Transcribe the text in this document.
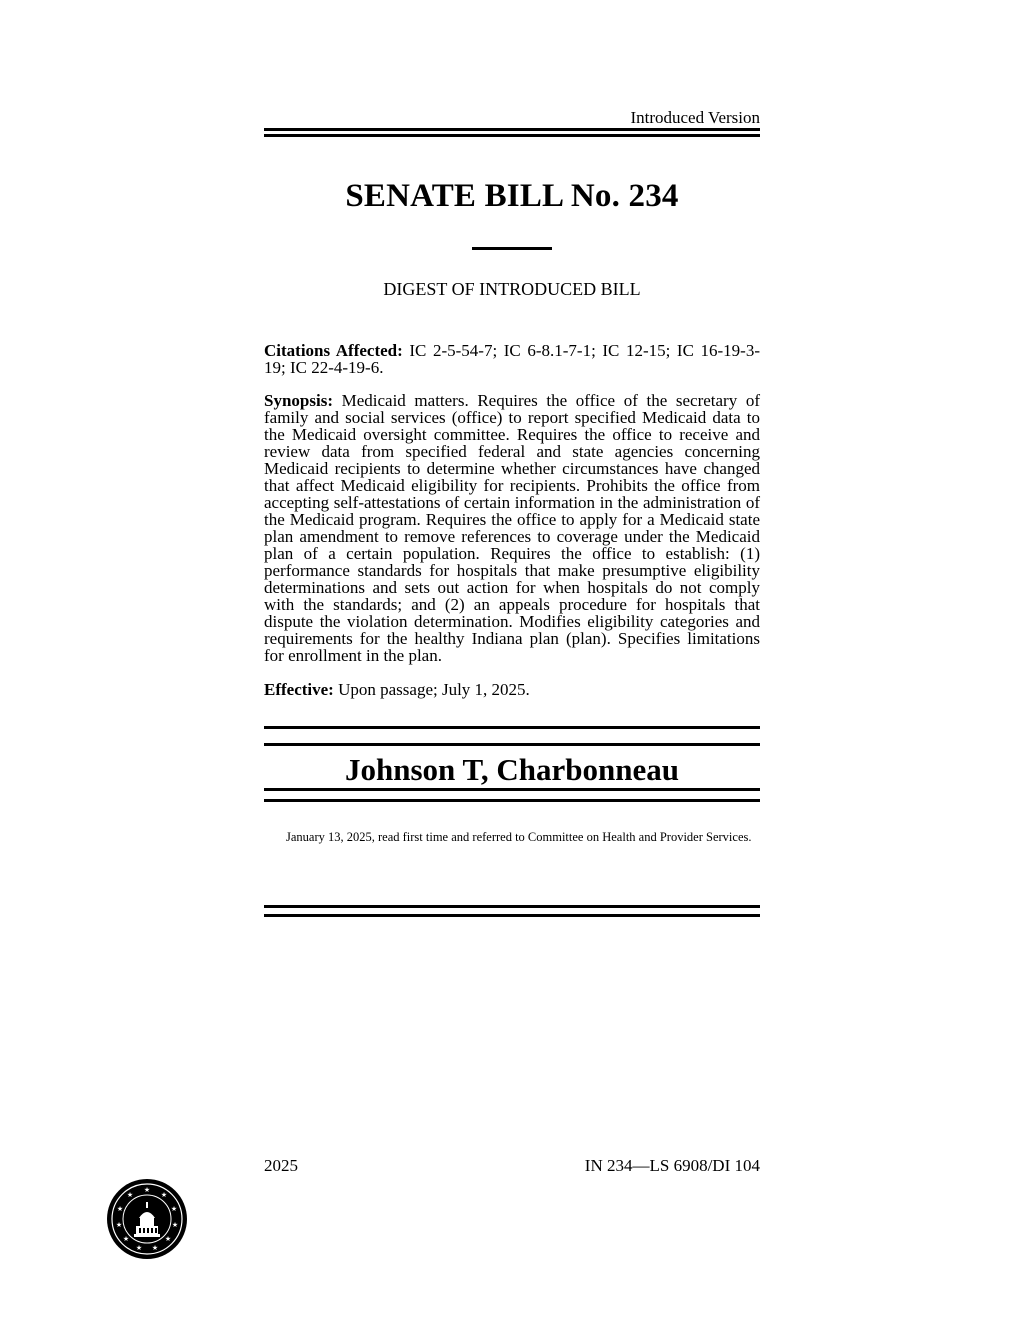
Introduced Version
SENATE BILL No. 234
DIGEST OF INTRODUCED BILL
Citations Affected: IC 2-5-54-7; IC 6-8.1-7-1; IC 12-15; IC 16-19-3-19; IC 22-4-19-6.
Synopsis: Medicaid matters. Requires the office of the secretary of family and social services (office) to report specified Medicaid data to the Medicaid oversight committee. Requires the office to receive and review data from specified federal and state agencies concerning Medicaid recipients to determine whether circumstances have changed that affect Medicaid eligibility for recipients. Prohibits the office from accepting self-attestations of certain information in the administration of the Medicaid program. Requires the office to apply for a Medicaid state plan amendment to remove references to coverage under the Medicaid plan of a certain population. Requires the office to establish: (1) performance standards for hospitals that make presumptive eligibility determinations and sets out action for when hospitals do not comply with the standards; and (2) an appeals procedure for hospitals that dispute the violation determination. Modifies eligibility categories and requirements for the healthy Indiana plan (plan). Specifies limitations for enrollment in the plan.
Effective: Upon passage; July 1, 2025.
Johnson T, Charbonneau
January 13, 2025, read first time and referred to Committee on Health and Provider Services.
2025	IN 234—LS 6908/DI 104
★
★
★
★
★
★
★
★
★
★
★
